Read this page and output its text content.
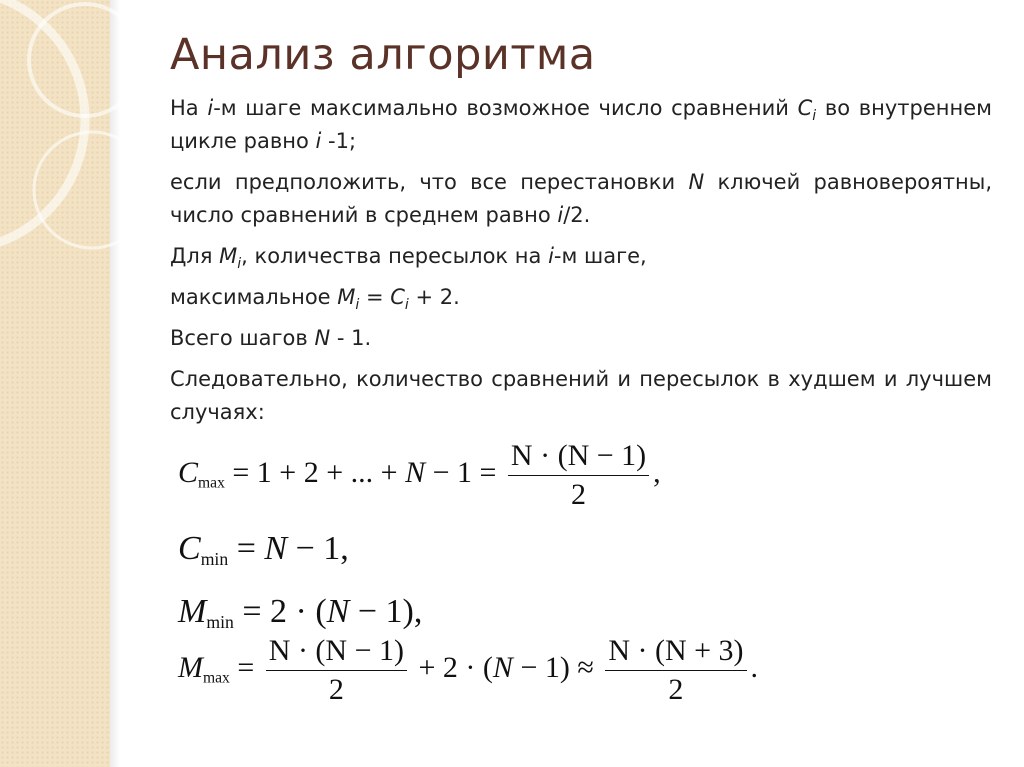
Анализ алгоритма

На i-м шаге максимально возможное число сравнений $C_i$ во внутреннем цикле равно i -1;

если предположить, что все перестановки N ключей равновероятны, число сравнений в среднем равно i/2.

Для $M_i$, количества пересылок на i-м шаге,

максимальное $M_i = C_i + 2$.

Всего шагов N - 1.

Следовательно, количество сравнений и пересылок в худшем и лучшем случаях:

$C_{max} = 1 + 2$ + ... + $N - 1 = \frac{N \cdot (N - 1)}{2}$ ,
$C_{min} = N - 1$,
$M_{min} = 2 \cdot (N - 1)$,
$M_{max} = \frac{N \cdot (N - 1)}{2} + 2 \cdot (N - 1) \approx \frac{N \cdot (N + 3)}{2}$ .
